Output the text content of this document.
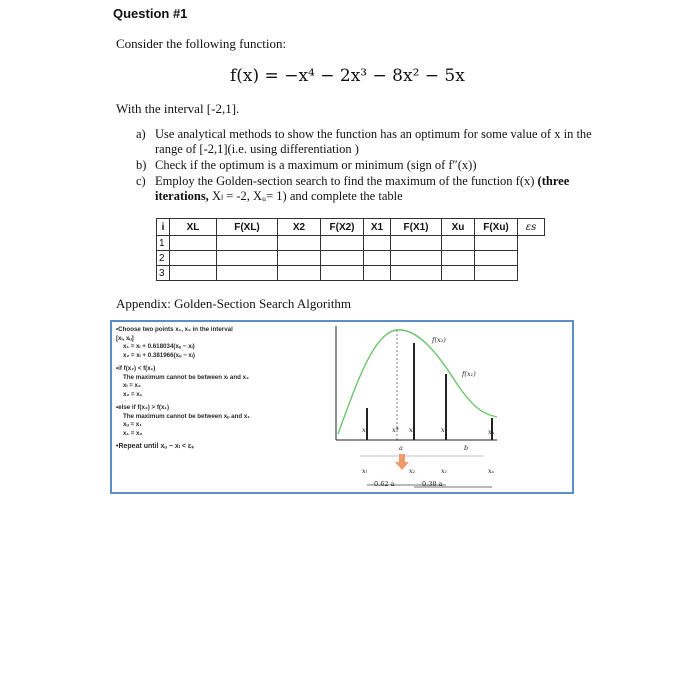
Question #1
Consider the following function:
f(x) = −x⁴ − 2x³ − 8x² − 5x
With the interval [-2,1].
a) Use analytical methods to show the function has an optimum for some value of x in the range of [-2,1](i.e. using differentiation )
b) Check if the optimum is a maximum or minimum (sign of f″(x))
c) Employ the Golden-section search to find the maximum of the function f(x) (three iterations, Xₗ = -2, Xᵤ= 1) and complete the table
i	XL	F(XL)	X2	F(X2)	X1	F(X1)	Xu	F(Xu)	εs
1									
2									
3									
Appendix: Golden-Section Search Algorithm
f(x₂)
f(x₁)
xₗ	x* x₂	x₁	xᵤ
a	b
xₗ	x₂	x₁	xᵤ
0.62 a	0.38 a
•Choose two points x₁, x₂ in the interval
[xₗ, xᵤ]
x₁ = xₗ + 0.618034(xᵤ − xₗ)
x₂ = xₗ + 0.381966(xᵤ − xₗ)
•if f(x₂) < f(x₁)
The maximum cannot be between xₗ and x₂
xₗ = x₂
x₂ = x₁
•else if f(x₂) > f(x₁)
The maximum cannot be between xᵤ and x₁
xᵤ = x₁
x₁ = x₂
•Repeat until xᵤ − xₗ < εₛ
